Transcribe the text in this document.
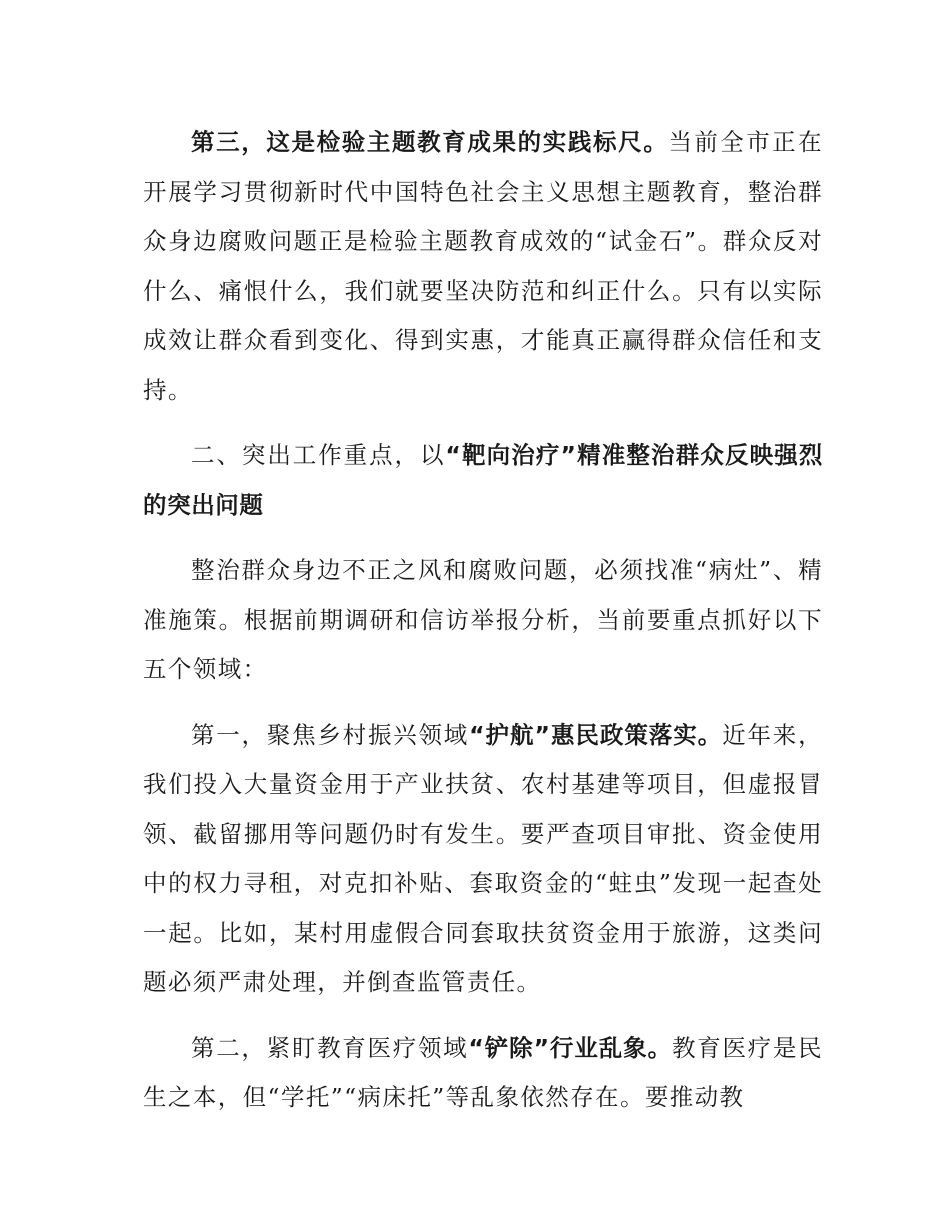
第三，这是检验主题教育成果的实践标尺。当前全市正在开展学习贯彻新时代中国特色社会主义思想主题教育，整治群众身边腐败问题正是检验主题教育成效的“试金石”。群众反对什么、痛恨什么，我们就要坚决防范和纠正什么。只有以实际成效让群众看到变化、得到实惠，才能真正赢得群众信任和支持。

二、突出工作重点，以“靶向治疗”精准整治群众反映强烈的突出问题

整治群众身边不正之风和腐败问题，必须找准“病灶”、精准施策。根据前期调研和信访举报分析，当前要重点抓好以下五个领域：

第一，聚焦乡村振兴领域“护航”惠民政策落实。近年来，我们投入大量资金用于产业扶贫、农村基建等项目，但虚报冒领、截留挪用等问题仍时有发生。要严查项目审批、资金使用中的权力寻租，对克扣补贴、套取资金的“蛀虫”发现一起查处一起。比如，某村用虚假合同套取扶贫资金用于旅游，这类问题必须严肃处理，并倒查监管责任。

第二，紧盯教育医疗领域“铲除”行业乱象。教育医疗是民生之本，但“学托”“病床托”等乱象依然存在。要推动教
